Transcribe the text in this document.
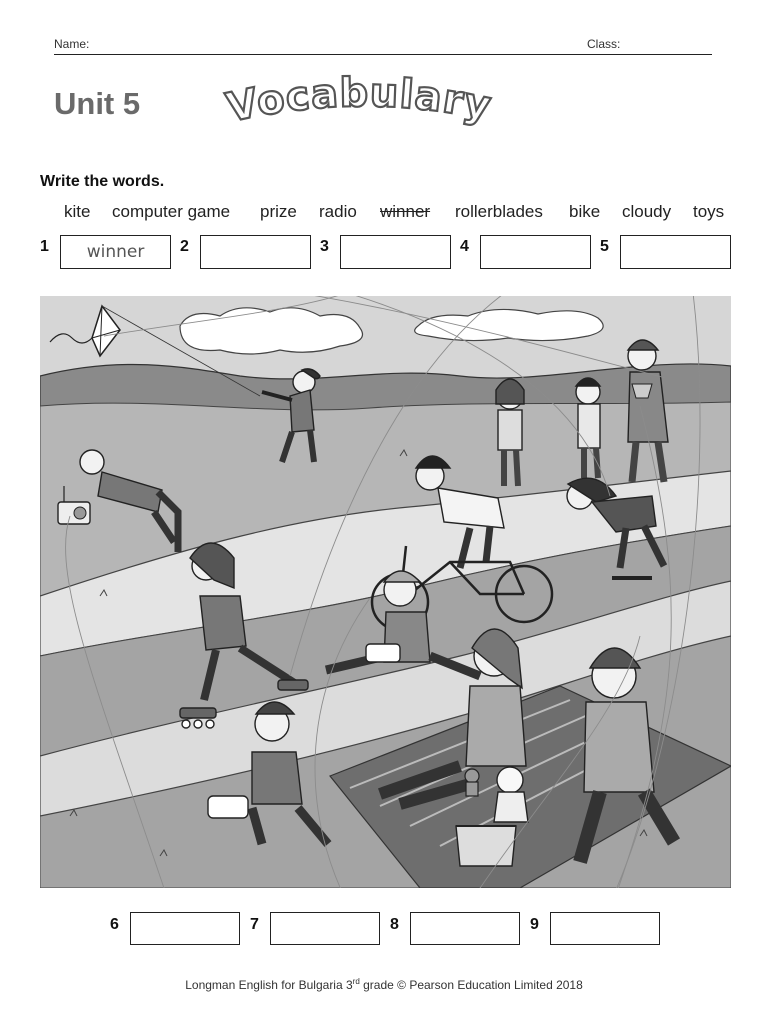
Name:	Class:
Unit 5 Vocabulary
Write the words.
kite computer game prize radio winner rollerblades bike cloudy toys
1	winner	2	3	4	5
6	7	8	9
Longman English for Bulgaria 3rd grade © Pearson Education Limited 2018
